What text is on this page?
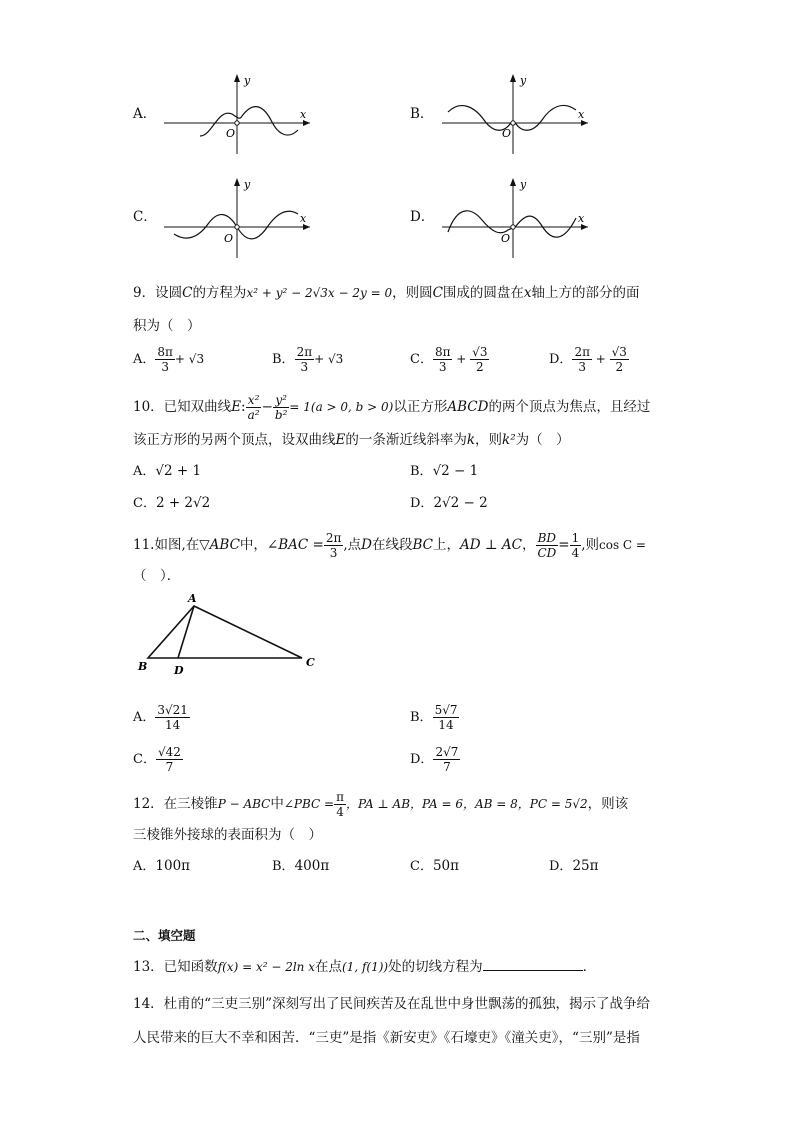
A．	x
y
O
B．	x
y
O
C．	x
y
O
D．	x
y
O
9．设圆C的方程为x² + y² − 2√3x − 2y = 0，则圆C围成的圆盘在x轴上方的部分的面
积为（　）
A． $\frac{8\pi}{3} + √3$	B． $\frac{2\pi}{3} + √3$	C． $\frac{8\pi}{3} + \frac{√3}{2}$	D． $\frac{2\pi}{3} + \frac{√3}{2}$
10．已知双曲线E: $\frac{\text{x²}}{\text{a²}} - \frac{\text{y²}}{\text{b²}} = 1(a > 0$, b > 0)以正方形ABCD的两个顶点为焦点，且经过
该正方形的另两个顶点，设双曲线E的一条渐近线斜率为k，则k²为（　）
A．√2 + 1	B．√2 − 1
C．2 + 2√2	D．2√2 − 2
11.如图,在▽ABC中，∠BAC = $\frac{2\pi}{3}$ ,点D在线段BC上，AD ⊥ AC， $\frac{BD}{CD} = \frac{1}{4}$ ,则cos C =
（　）．
A
B D
C
A． $\frac{3√21}{14}$	B． $\frac{5√7}{14}$
C． $\frac{√42}{7}$	D． $\frac{2√7}{7}$
12．在三棱锥P − ABC中∠PBC = $\frac{\pi}{4}$ ，PA ⊥ AB，PA = 6，AB = 8，PC = 5√2，则该
三棱锥外接球的表面积为（　）
A．100π	B．400π	C．50π	D．25π
二、填空题
13．已知函数f(x) = x² − 2ln x在点(1, f(1))处的切线方程为	．
14．杜甫的“三吏三别”深刻写出了民间疾苦及在乱世中身世飘荡的孤独，揭示了战争给
人民带来的巨大不幸和困苦．“三吏”是指《新安吏》《石壕吏》《潼关吏》，“三别”是指
